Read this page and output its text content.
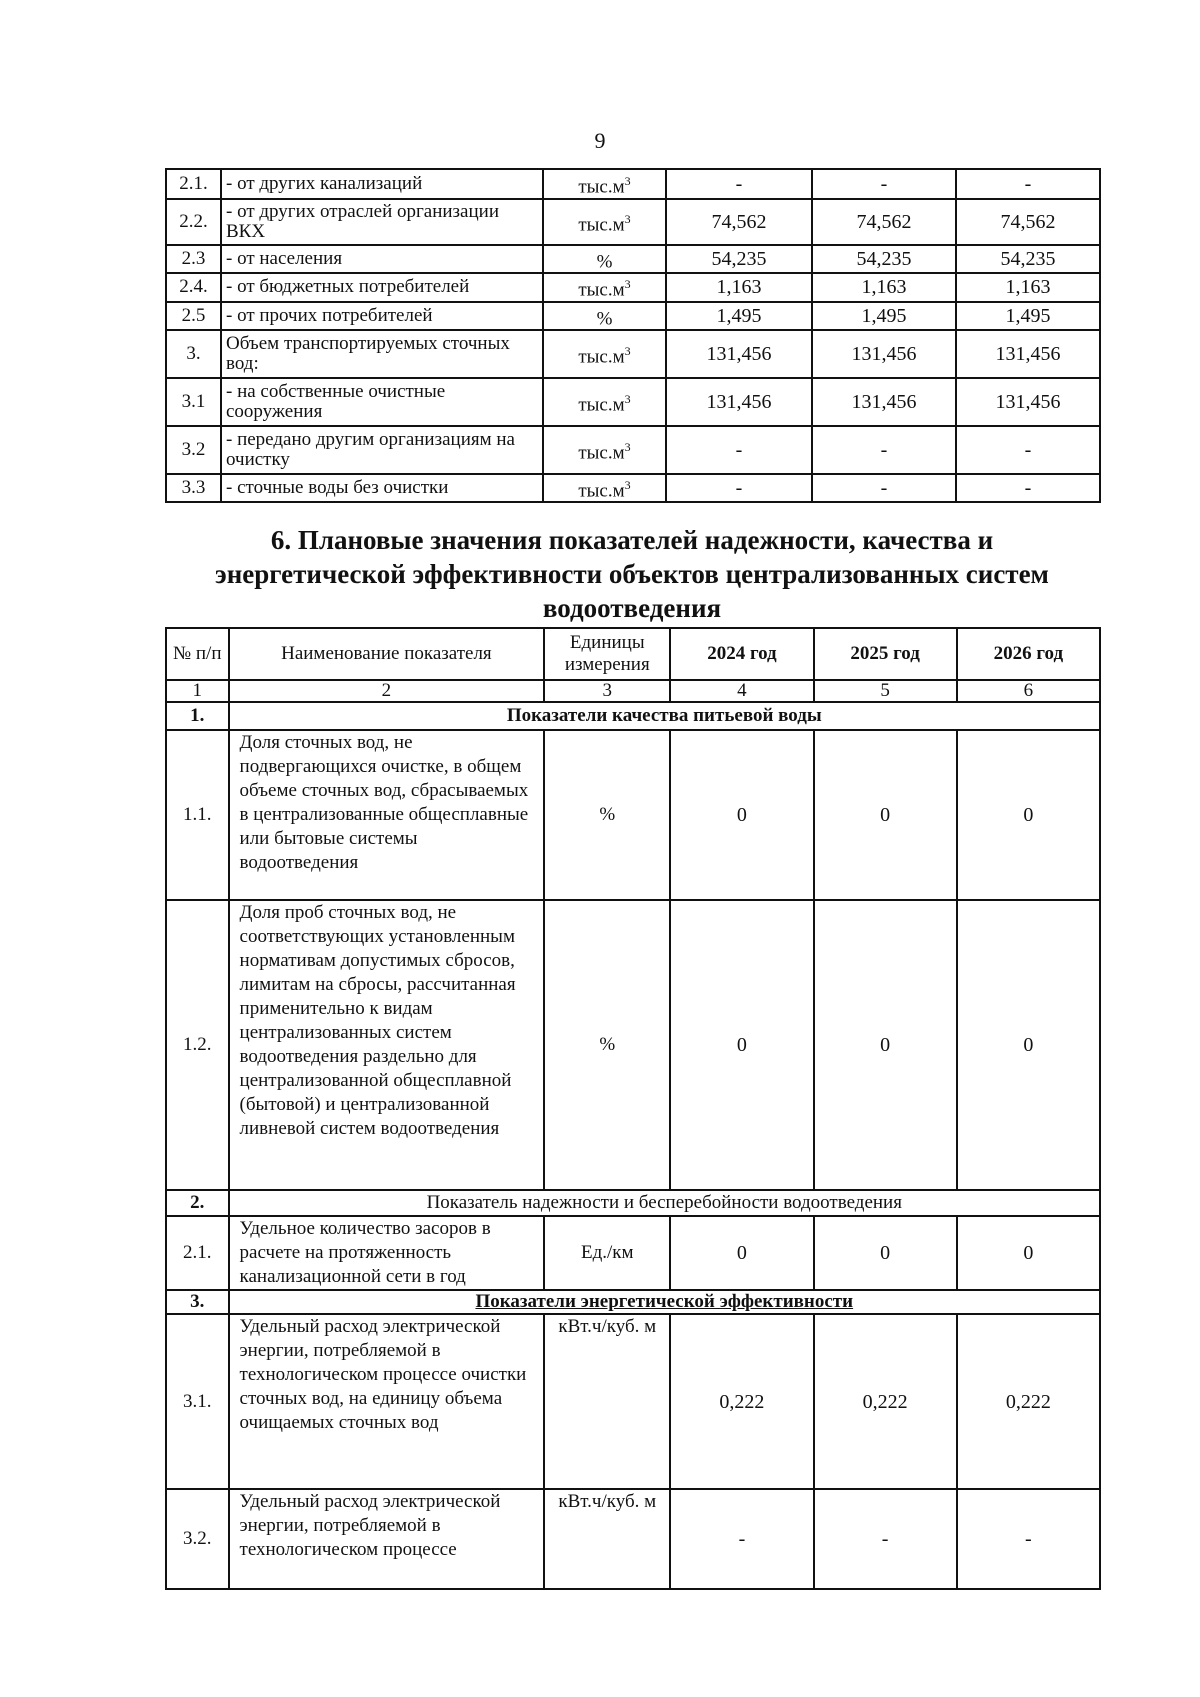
9
2.1.	- от других канализаций	$тыс.м^3$	-	-	-
2.2.	- от других отраслей организации ВКХ	$тыс.м^3$	74,562	74,562	74,562
2.3	- от населения	%	54,235	54,235	54,235
2.4.	- от бюджетных потребителей	$тыс.м^3$	1,163	1,163	1,163
2.5	- от прочих потребителей	%	1,495	1,495	1,495
3.	Объем транспортируемых сточных вод:	$тыс.м^3$	131,456	131,456	131,456
3.1	- на собственные очистные сооружения	$тыс.м^3$	131,456	131,456	131,456
3.2	- передано другим организациям на очистку	$тыс.м^3$	-	-	-
3.3	- сточные воды без очистки	$тыс.м^3$	-	-	-
6. Плановые значения показателей надежности, качества и
энергетической эффективности объектов централизованных систем
водоотведения
№ п/п	Наименование показателя	Единицы измерения	2024 год	2025 год	2026 год
1	2	3	4	5	6
1.	Показатели качества питьевой воды				
1.1.	Доля сточных вод, не подвергающихся очистке, в общем объеме сточных вод, сбрасываемых в централизованные общесплавные или бытовые системы водоотведения	%	0	0	0
1.2.	Доля проб сточных вод, не соответствующих установленным нормативам допустимых сбросов, лимитам на сбросы, рассчитанная применительно к видам централизованных систем водоотведения раздельно для централизованной общесплавной (бытовой) и централизованной ливневой систем водоотведения	%	0	0	0
2.	Показатель надежности и бесперебойности водоотведения				
2.1.	Удельное количество засоров в расчете на протяженность канализационной сети в год	Ед./км	0	0	0
3.	Показатели энергетической эффективности				
3.1.	Удельный расход электрической энергии, потребляемой в технологическом процессе очистки сточных вод, на единицу объема очищаемых сточных вод	кВт.ч/куб. м	0,222	0,222	0,222
3.2.	Удельный расход электрической энергии, потребляемой в технологическом процессе	кВт.ч/куб. м	-	-	-
